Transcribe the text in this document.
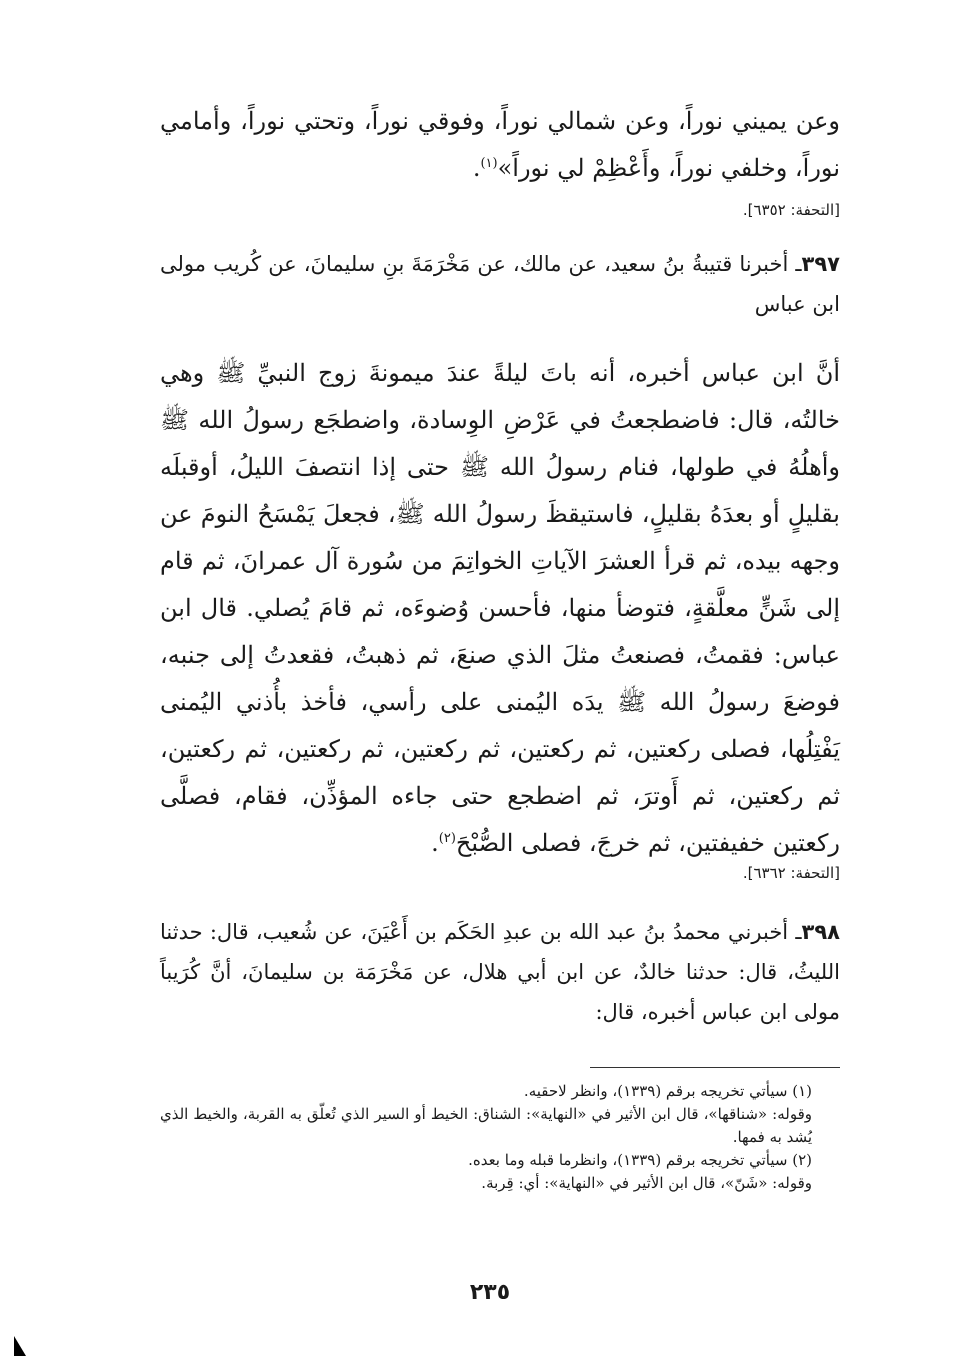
وعن يميني نوراً، وعن شمالي نوراً، وفوقي نوراً، وتحتي نوراً، وأمامي نوراً، وخلفي نوراً، وأَعْظِمْ لي نوراً»$^{(١)}$.
[التحفة: ٦٣٥٢].
٣٩٧ـ أخبرنا قتيبةُ بنُ سعيد، عن مالك، عن مَخْرَمَةَ بنِ سليمانَ، عن كُريب مولى ابن عباس
أنَّ ابن عباس أخبره، أنه باتَ ليلةً عندَ ميمونةَ زوج النبيِّ ﷺ وهي خالتُه، قال: فاضطجعتُ في عَرْضِ الوِسادة، واضطجَع رسولُ الله ﷺ وأهلُهُ في طولها، فنام رسولُ الله ﷺ حتى إذا انتصفَ الليلُ، أوقبلَه بقليلٍ أو بعدَهُ بقليلٍ، فاستيقظَ رسولُ الله ﷺ، فجعلَ يَمْسَحُ النومَ عن وجهه بيده، ثم قرأ العشرَ الآياتِ الخواتِمَ من سُورة آل عمرانَ، ثم قام إلى شَنٍّ معلَّقةٍ، فتوضأ منها، فأحسن وُضوءَه، ثم قامَ يُصلي. قال ابن عباس: فقمتُ، فصنعتُ مثلَ الذي صنعَ، ثم ذهبتُ، فقعدتُ إلى جنبه، فوضعَ رسولُ الله ﷺ يدَه اليُمنى على رأسي، فأخذ بأُذني اليُمنى يَفْتِلُها، فصلى ركعتين، ثم ركعتين، ثم ركعتين، ثم ركعتين، ثم ركعتين، ثم ركعتين، ثم أَوترَ، ثم اضطجع حتى جاءه المؤذِّن، فقام، فصلَّى ركعتين خفيفتين، ثم خرجَ، فصلى الصُّبْحَ$^{(٢)}$.
[التحفة: ٦٣٦٢].
٣٩٨ـ أخبرني محمدُ بنُ عبد الله بن عبدِ الحَكَم بن أَعْيَنَ، عن شُعيب، قال: حدثنا الليثُ، قال: حدثنا خالدٌ، عن ابن أبي هلال، عن مَخْرَمَة بن سليمانَ، أنَّ كُرَيباً مولى ابن عباس أخبره، قال:
(١) سيأتي تخريجه برقم (١٣٣٩)، وانظر لاحقيه.
وقوله: «شناقها»، قال ابن الأثير في «النهاية»: الشناق: الخيط أو السير الذي تُعلّق به القربة، والخيط الذي يُشد به فمها.
(٢) سيأتي تخريجه برقم (١٣٣٩)، وانظرما قبله وما بعده.
وقوله: «شَنّ»، قال ابن الأثير في «النهاية»: أي: قِربة.
٢٣٥
